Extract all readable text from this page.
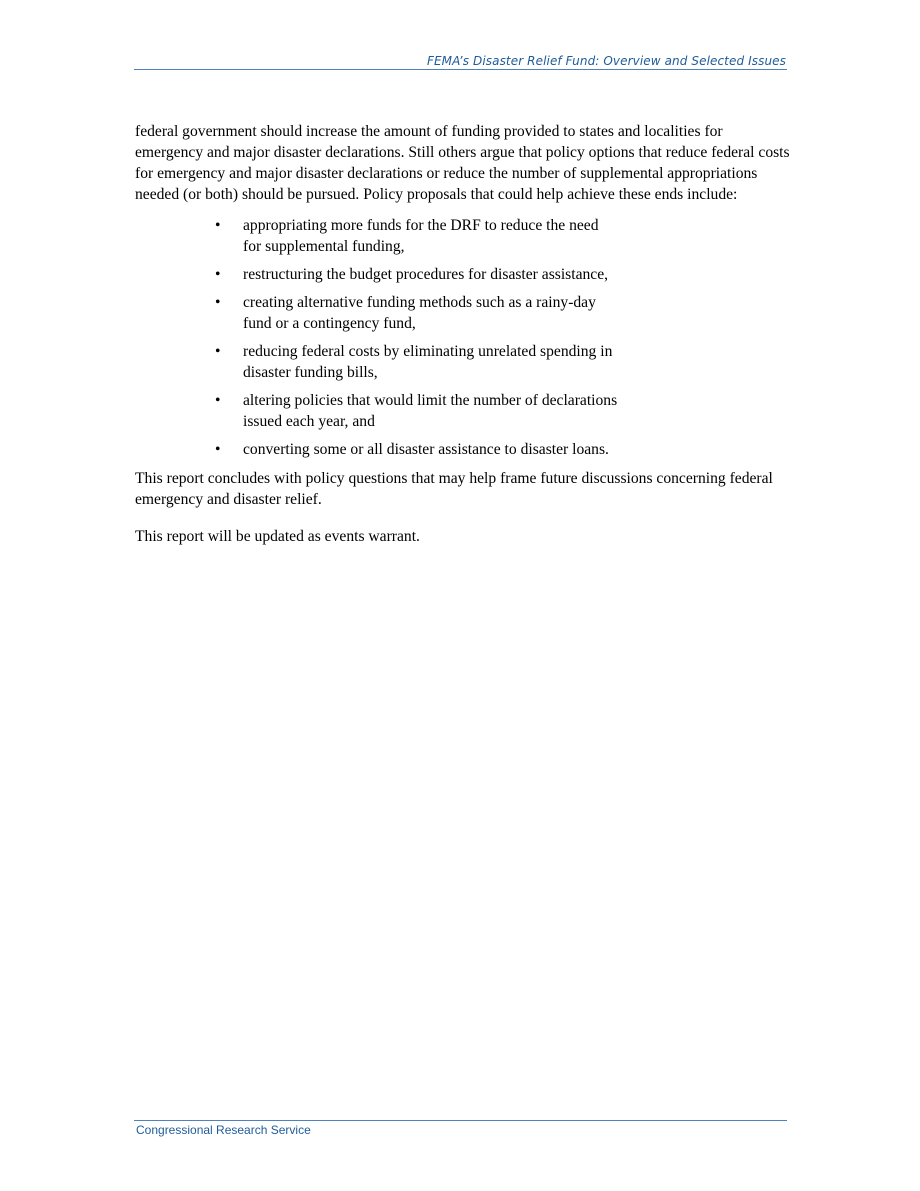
FEMA’s Disaster Relief Fund: Overview and Selected Issues

federal government should increase the amount of funding provided to states and localities for emergency and major disaster declarations. Still others argue that policy options that reduce federal costs for emergency and major disaster declarations or reduce the number of supplemental appropriations needed (or both) should be pursued. Policy proposals that could help achieve these ends include:

• appropriating more funds for the DRF to reduce the need for supplemental funding,
• restructuring the budget procedures for disaster assistance,
• creating alternative funding methods such as a rainy-day fund or a contingency fund,
• reducing federal costs by eliminating unrelated spending in disaster funding bills,
• altering policies that would limit the number of declarations issued each year, and
• converting some or all disaster assistance to disaster loans.

This report concludes with policy questions that may help frame future discussions concerning federal emergency and disaster relief.

This report will be updated as events warrant.

Congressional Research Service
